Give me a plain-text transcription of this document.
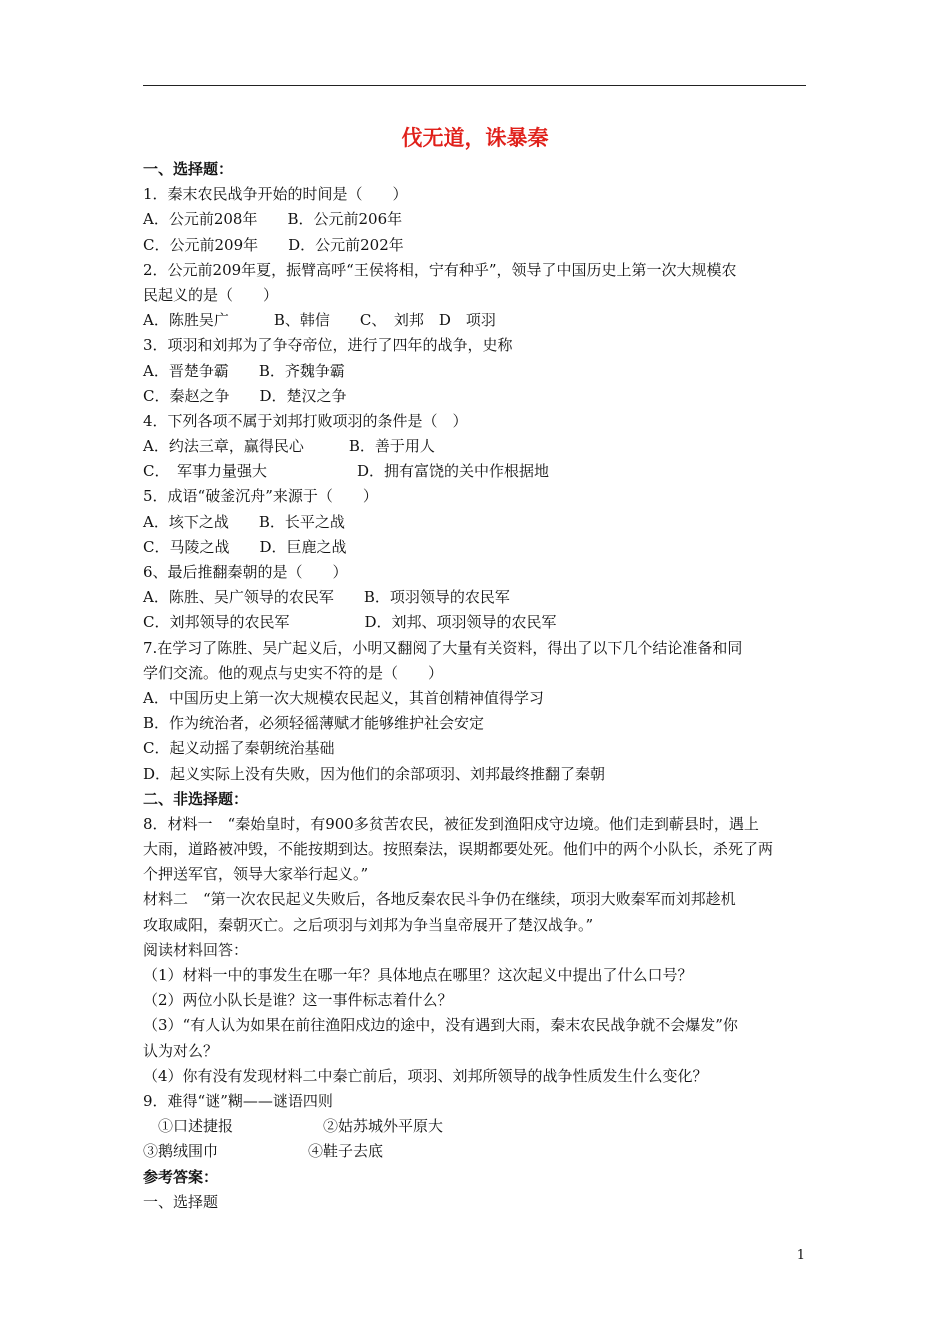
伐无道，诛暴秦
一、选择题：
1．秦末农民战争开始的时间是（　　）
A．公元前208年　　B．公元前206年
C．公元前209年　　D．公元前202年
2．公元前209年夏，振臂高呼“王侯将相，宁有种乎”，领导了中国历史上第一次大规模农
民起义的是（　　）
A．陈胜吴广　　　B、韩信　　C、　刘邦　D　项羽
3．项羽和刘邦为了争夺帝位，进行了四年的战争，史称
A．晋楚争霸　　B．齐魏争霸
C．秦赵之争　　D．楚汉之争
4．下列各项不属于刘邦打败项羽的条件是（　）
A．约法三章，赢得民心　　　B．善于用人
C．　军事力量强大　　　　　　D．拥有富饶的关中作根据地
5．成语“破釜沉舟”来源于（　　）
A．垓下之战　　B．长平之战
C．马陵之战　　D．巨鹿之战
6、最后推翻秦朝的是（　　）
A．陈胜、吴广领导的农民军　　B．项羽领导的农民军
C．刘邦领导的农民军　　　　　D．刘邦、项羽领导的农民军
7.在学习了陈胜、吴广起义后，小明又翻阅了大量有关资料，得出了以下几个结论准备和同
学们交流。他的观点与史实不符的是（　　）
A．中国历史上第一次大规模农民起义，其首创精神值得学习
B．作为统治者，必须轻徭薄赋才能够维护社会安定
C．起义动摇了秦朝统治基础
D．起义实际上没有失败，因为他们的余部项羽、刘邦最终推翻了秦朝
二、非选择题：
8．材料一　“秦始皇时，有900多贫苦农民，被征发到渔阳戍守边境。他们走到蕲县时，遇上
大雨，道路被冲毁，不能按期到达。按照秦法，误期都要处死。他们中的两个小队长，杀死了两
个押送军官，领导大家举行起义。”
材料二　“第一次农民起义失败后，各地反秦农民斗争仍在继续，项羽大败秦军而刘邦趁机
攻取咸阳，秦朝灭亡。之后项羽与刘邦为争当皇帝展开了楚汉战争。”
阅读材料回答：
（1）材料一中的事发生在哪一年？具体地点在哪里？这次起义中提出了什么口号？
（2）两位小队长是谁？这一事件标志着什么？
（3）“有人认为如果在前往渔阳戍边的途中，没有遇到大雨，秦末农民战争就不会爆发”你
认为对么？
（4）你有没有发现材料二中秦亡前后，项羽、刘邦所领导的战争性质发生什么变化？
9．难得“谜”糊——谜语四则
　①口述捷报　　　　　　②姑苏城外平原大
③鹅绒围巾　　　　　　④鞋子去底
参考答案：
一、选择题
1
